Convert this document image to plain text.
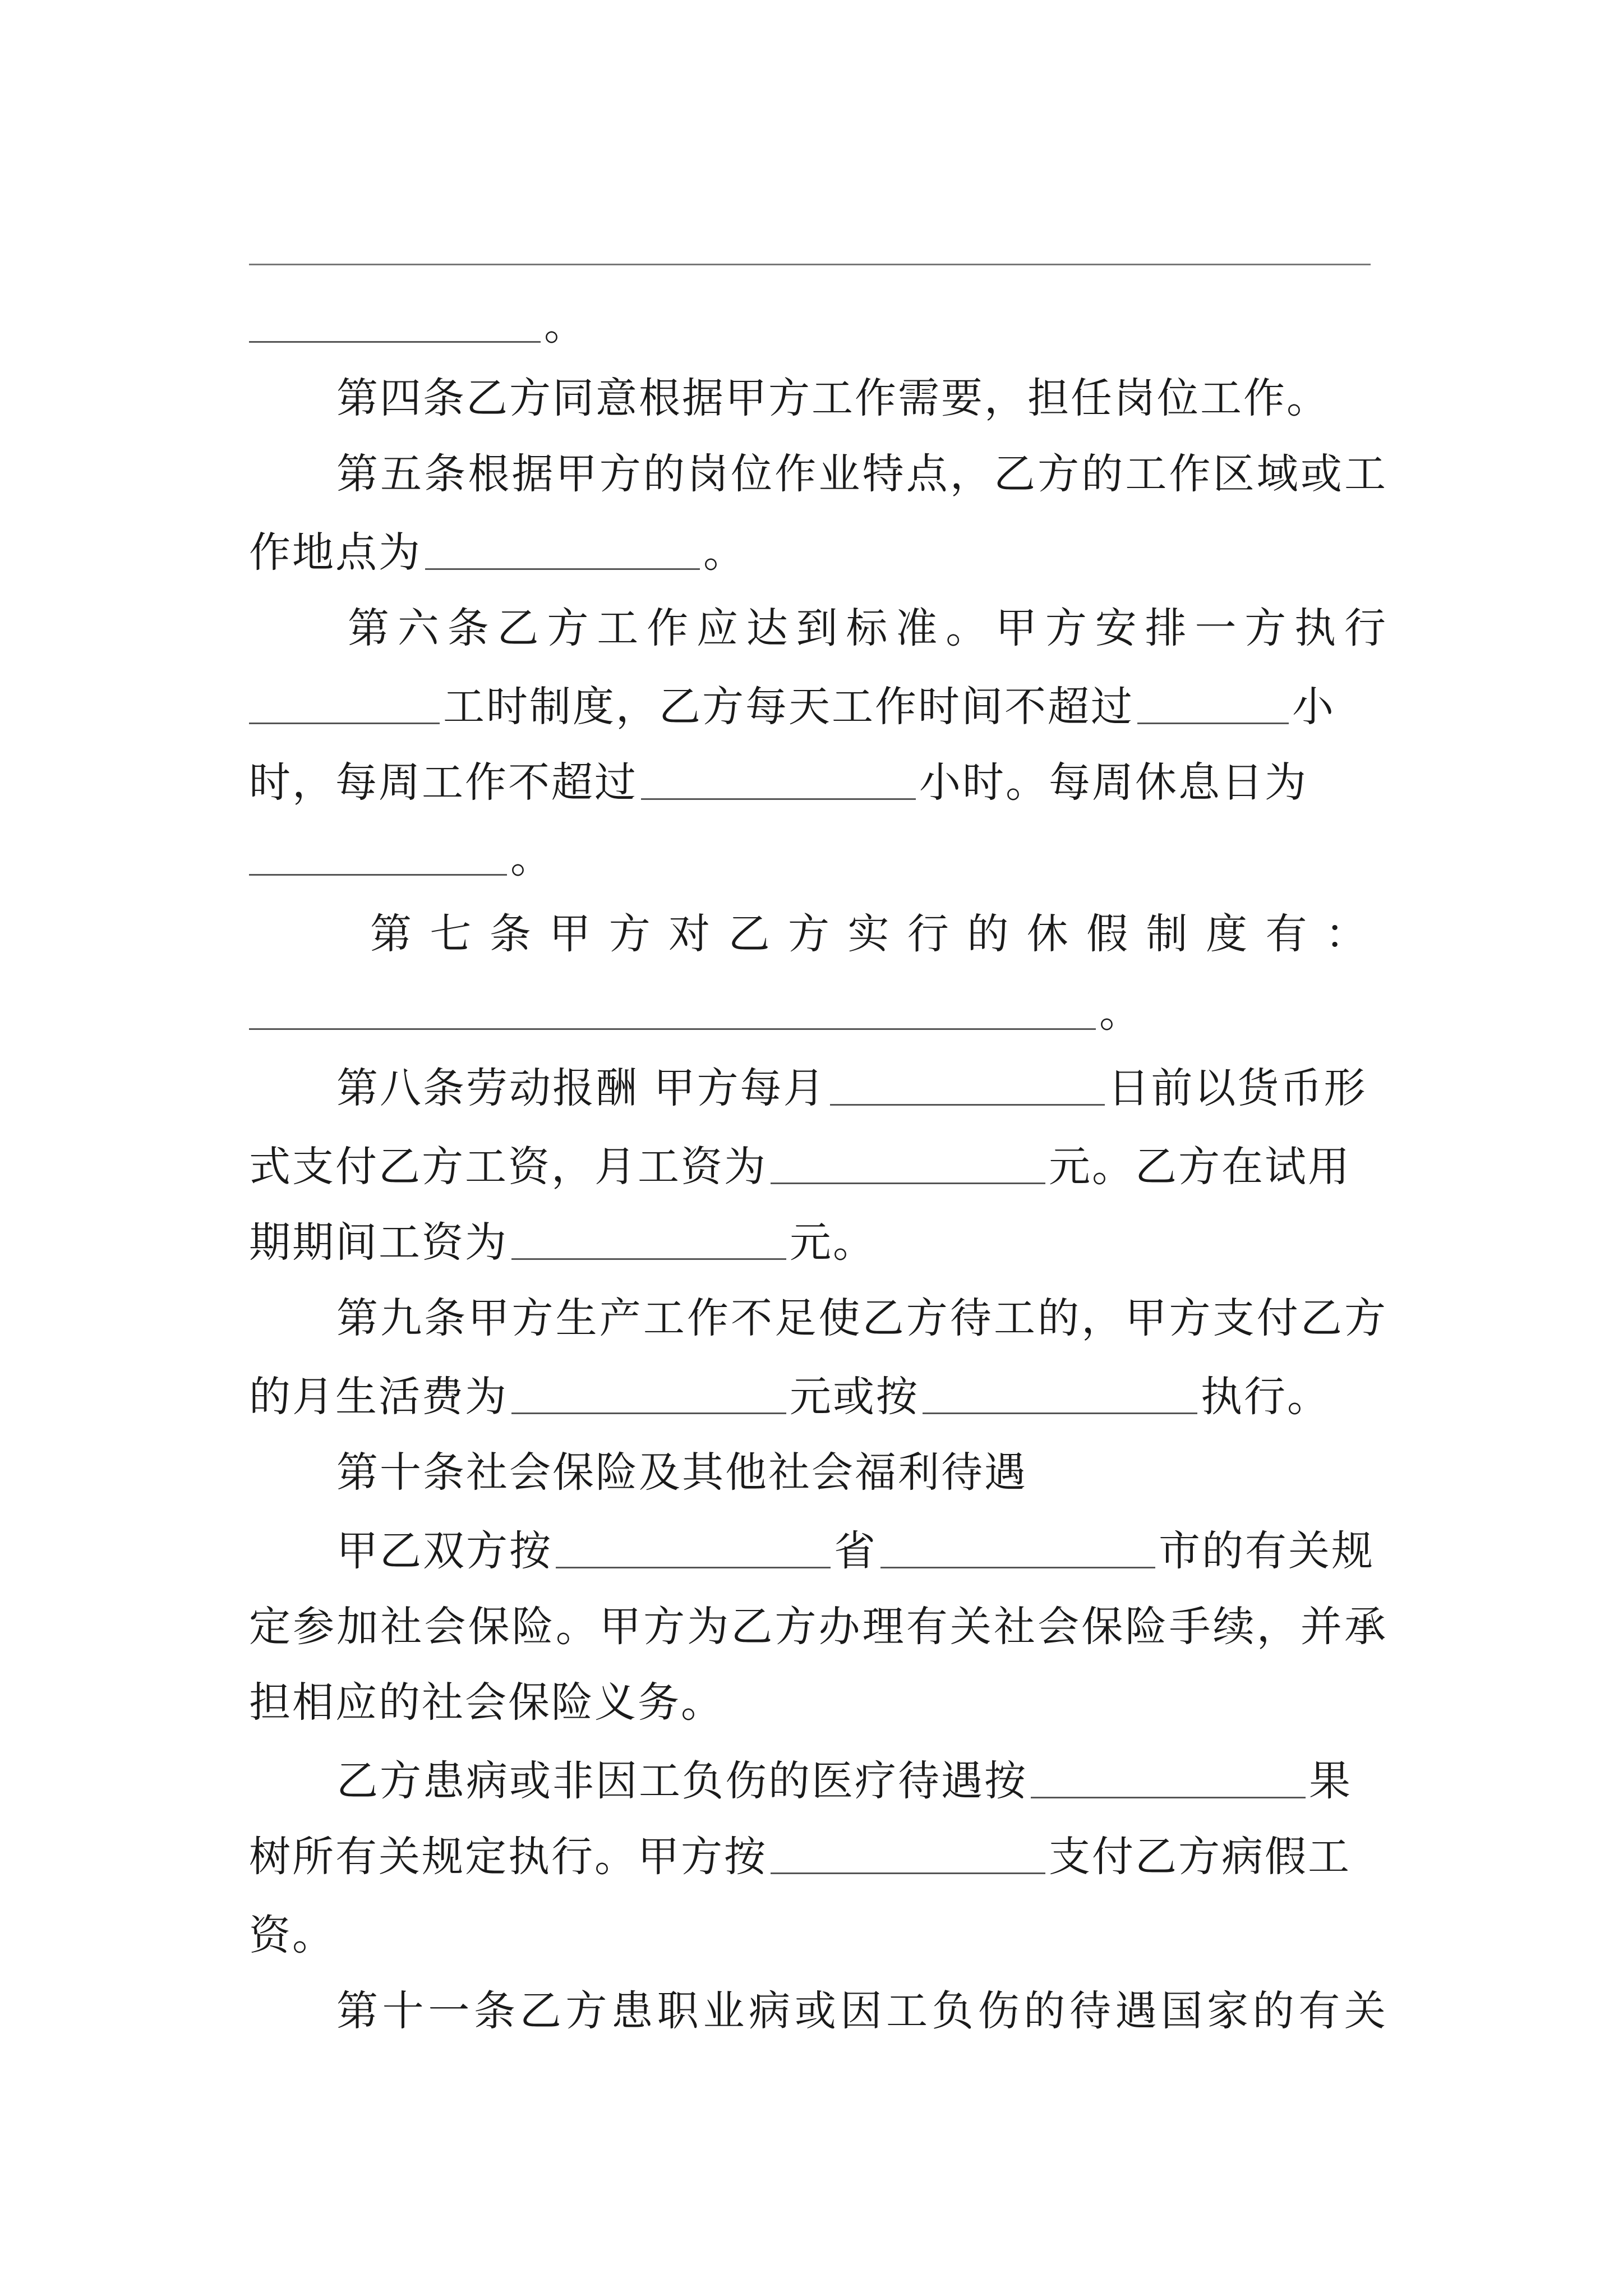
。
第四条乙方同意根据甲方工作需要，担任岗位工作。
第五条根据甲方的岗位作业特点，乙方的工作区域或工
作地点为	。
第六条乙方工作应达到标准。甲方安排一方执行
工时制度，乙方每天工作时间不超过	小
时，每周工作不超过	小时。每周休息日为
。
第七条甲方对乙方实行的休假制度有：
。
第八条劳动报酬 甲方每月	日前以货币形
式支付乙方工资，月工资为	元。乙方在试用
期期间工资为	元。
第九条甲方生产工作不足使乙方待工的，甲方支付乙方
的月生活费为	元或按	执行。
第十条社会保险及其他社会福利待遇
甲乙双方按	省	市的有关规
定参加社会保险。甲方为乙方办理有关社会保险手续，并承
担相应的社会保险义务。
乙方患病或非因工负伤的医疗待遇按	果
树所有关规定执行。甲方按	支付乙方病假工
资。
第十一条乙方患职业病或因工负伤的待遇国家的有关
